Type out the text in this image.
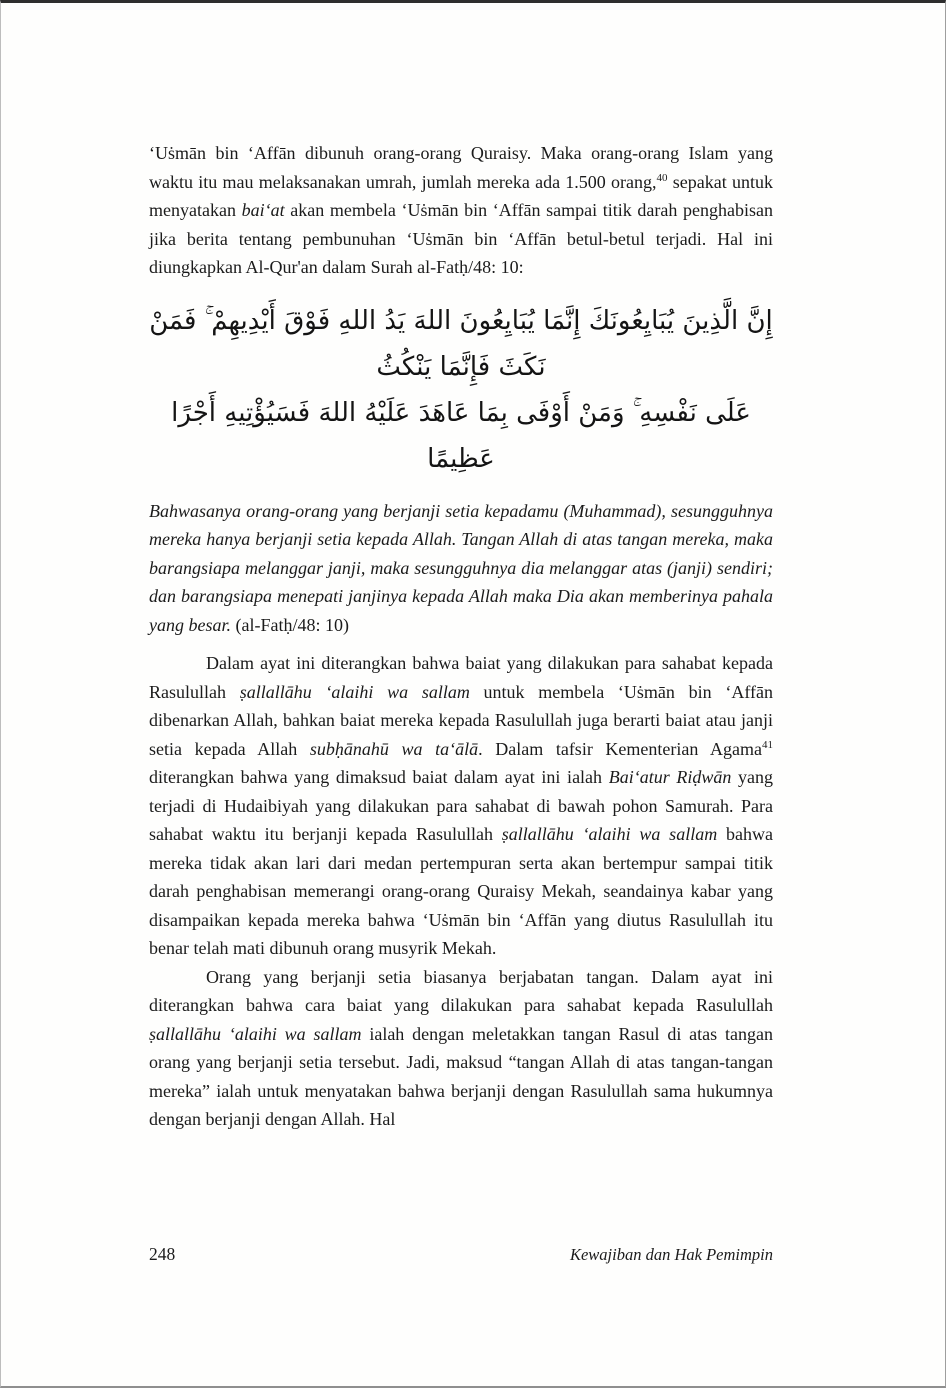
‘Uṡmān bin ‘Affān dibunuh orang-orang Quraisy. Maka orang-orang Islam yang waktu itu mau melaksanakan umrah, jumlah mereka ada 1.500 orang,$^{40}$ sepakat untuk menyatakan bai‘at akan membela ‘Uṡmān bin ‘Affān sampai titik darah penghabisan jika berita tentang pembunuhan ‘Uṡmān bin ‘Affān betul-betul terjadi. Hal ini diungkapkan Al-Qur'an dalam Surah al-Fatḥ/48: 10:

إِنَّ الَّذِينَ يُبَايِعُونَكَ إِنَّمَا يُبَايِعُونَ اللهَ يَدُ اللهِ فَوْقَ أَيْدِيهِمْ ۚ فَمَنْ نَكَثَ فَإِنَّمَا يَنْكُثُ
عَلَى نَفْسِهِ ۚ وَمَنْ أَوْفَى بِمَا عَاهَدَ عَلَيْهُ اللهَ فَسَيُؤْتِيهِ أَجْرًا عَظِيمًا

Bahwasanya orang-orang yang berjanji setia kepadamu (Muhammad), sesungguhnya mereka hanya berjanji setia kepada Allah. Tangan Allah di atas tangan mereka, maka barangsiapa melanggar janji, maka sesungguhnya dia melanggar atas (janji) sendiri; dan barangsiapa menepati janjinya kepada Allah maka Dia akan memberinya pahala yang besar. (al-Fatḥ/48: 10)

Dalam ayat ini diterangkan bahwa baiat yang dilakukan para sahabat kepada Rasulullah ṣallallāhu ‘alaihi wa sallam untuk membela ‘Uṡmān bin ‘Affān dibenarkan Allah, bahkan baiat mereka kepada Rasulullah juga berarti baiat atau janji setia kepada Allah subḥānahū wa ta‘ālā. Dalam tafsir Kementerian Agama$^{41}$ diterangkan bahwa yang dimaksud baiat dalam ayat ini ialah Bai‘atur Riḍwān yang terjadi di Hudaibiyah yang dilakukan para sahabat di bawah pohon Samurah. Para sahabat waktu itu berjanji kepada Rasulullah ṣallallāhu ‘alaihi wa sallam bahwa mereka tidak akan lari dari medan pertempuran serta akan bertempur sampai titik darah penghabisan memerangi orang-orang Quraisy Mekah, seandainya kabar yang disampaikan kepada mereka bahwa ‘Uṡmān bin ‘Affān yang diutus Rasulullah itu benar telah mati dibunuh orang musyrik Mekah.

Orang yang berjanji setia biasanya berjabatan tangan. Dalam ayat ini diterangkan bahwa cara baiat yang dilakukan para sahabat kepada Rasulullah ṣallallāhu ‘alaihi wa sallam ialah dengan meletakkan tangan Rasul di atas tangan orang yang berjanji setia tersebut. Jadi, maksud “tangan Allah di atas tangan-tangan mereka” ialah untuk menyatakan bahwa berjanji dengan Rasulullah sama hukumnya dengan berjanji dengan Allah. Hal

248	Kewajiban dan Hak Pemimpin
